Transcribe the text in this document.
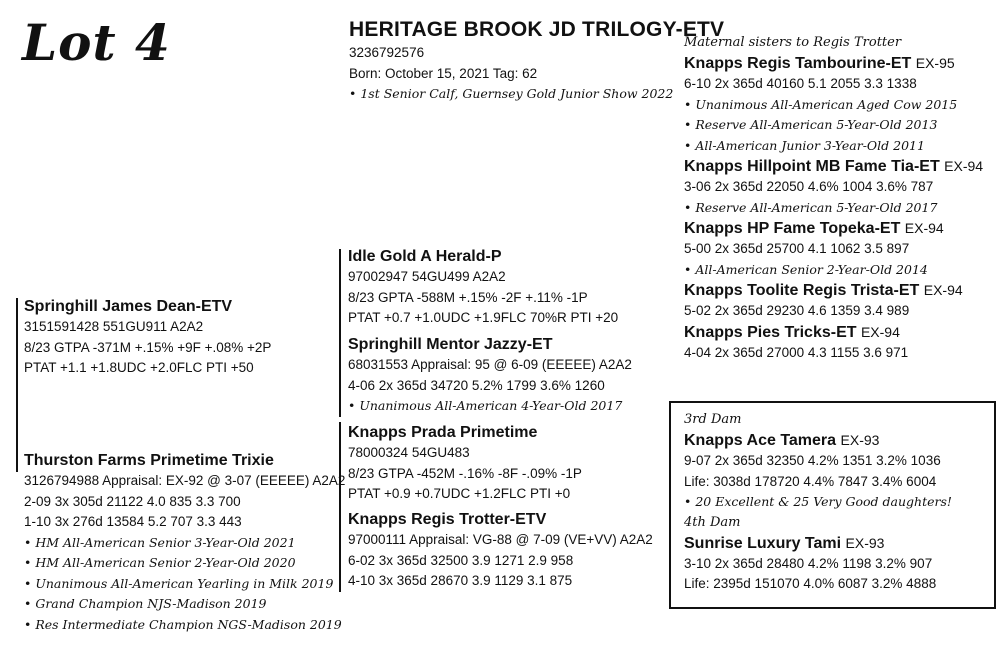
Lot 4	HERITAGE BROOK JD TRILOGY-ETV
3236792576
Born: October 15, 2021 Tag: 62
• 1st Senior Calf, Guernsey Gold Junior Show 2022
Maternal sisters to Regis Trotter
Knapps Regis Tambourine-ET EX-95
6-10 2x 365d 40160 5.1 2055 3.3 1338
• Unanimous All-American Aged Cow 2015
• Reserve All-American 5-Year-Old 2013
• All-American Junior 3-Year-Old 2011
Knapps Hillpoint MB Fame Tia-ET EX-94
3-06 2x 365d 22050 4.6% 1004 3.6% 787
• Reserve All-American 5-Year-Old 2017
Knapps HP Fame Topeka-ET EX-94
5-00 2x 365d 25700 4.1 1062 3.5 897
• All-American Senior 2-Year-Old 2014
Knapps Toolite Regis Trista-ET EX-94
5-02 2x 365d 29230 4.6 1359 3.4 989
Knapps Pies Tricks-ET EX-94
4-04 2x 365d 27000 4.3 1155 3.6 971
Springhill James Dean-ETV
3151591428 551GU911 A2A2
8/23 GTPA -371M +.15% +9F +.08% +2P
PTAT +1.1 +1.8UDC +2.0FLC PTI +50
Thurston Farms Primetime Trixie
3126794988 Appraisal: EX-92 @ 3-07 (EEEEE) A2A2
2-09 3x 305d 21122 4.0 835 3.3 700
1-10 3x 276d 13584 5.2 707 3.3 443
• HM All-American Senior 3-Year-Old 2021
• HM All-American Senior 2-Year-Old 2020
• Unanimous All-American Yearling in Milk 2019
• Grand Champion NJS-Madison 2019
• Res Intermediate Champion NGS-Madison 2019
Idle Gold A Herald-P
97002947 54GU499 A2A2
8/23 GPTA -588M +.15% -2F +.11% -1P
PTAT +0.7 +1.0UDC +1.9FLC 70%R PTI +20
Springhill Mentor Jazzy-ET
68031553 Appraisal: 95 @ 6-09 (EEEEE) A2A2
4-06 2x 365d 34720 5.2% 1799 3.6% 1260
• Unanimous All-American 4-Year-Old 2017
Knapps Prada Primetime
78000324 54GU483
8/23 GTPA -452M -.16% -8F -.09% -1P
PTAT +0.9 +0.7UDC +1.2FLC PTI +0
Knapps Regis Trotter-ETV
97000111 Appraisal: VG-88 @ 7-09 (VE+VV) A2A2
6-02 3x 365d 32500 3.9 1271 2.9 958
4-10 3x 365d 28670 3.9 1129 3.1 875
3rd Dam
Knapps Ace Tamera EX-93
9-07 2x 365d 32350 4.2% 1351 3.2% 1036
Life: 3038d 178720 4.4% 7847 3.4% 6004
• 20 Excellent & 25 Very Good daughters!
4th Dam
Sunrise Luxury Tami EX-93
3-10 2x 365d 28480 4.2% 1198 3.2% 907
Life: 2395d 151070 4.0% 6087 3.2% 4888
